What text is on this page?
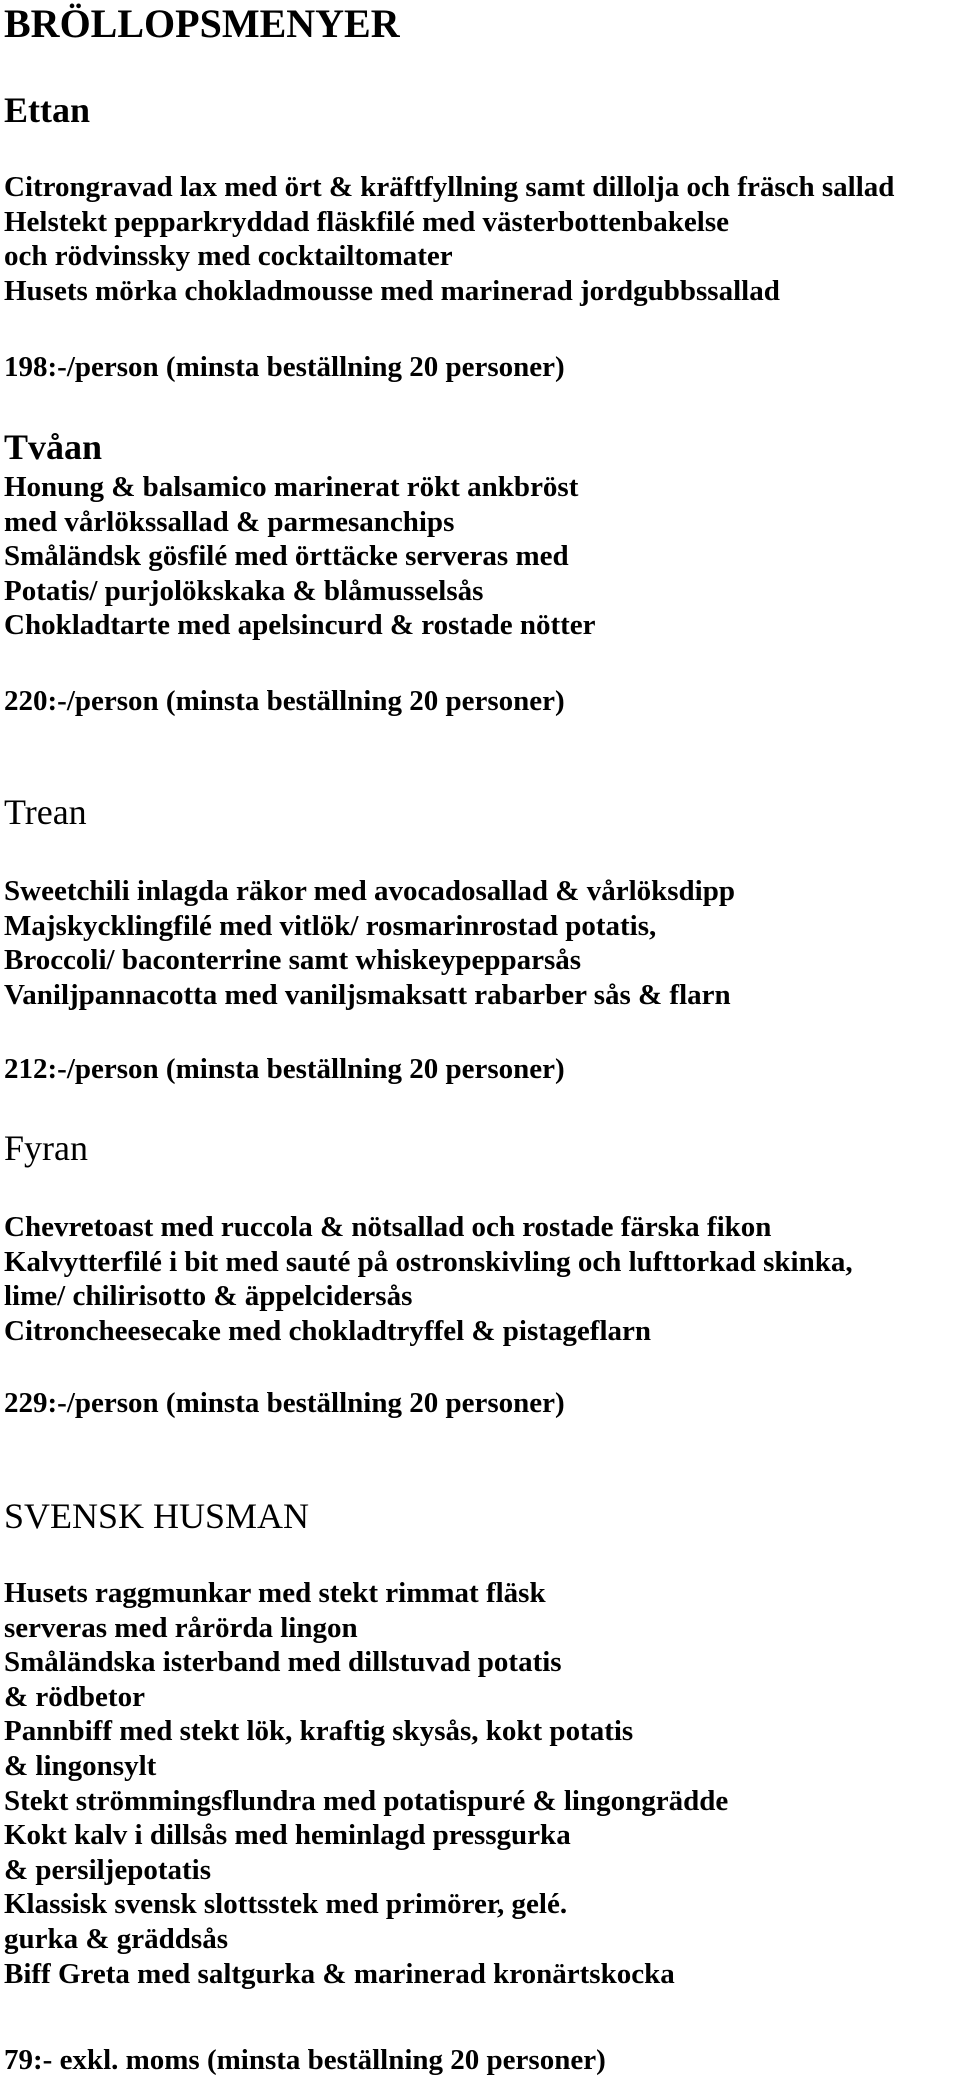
BRÖLLOPSMENYER
Ettan
Citrongravad lax med ört & kräftfyllning samt dillolja och fräsch sallad
Helstekt pepparkryddad fläskfilé med västerbottenbakelse
och rödvinssky med cocktailtomater
Husets mörka chokladmousse med marinerad jordgubbssallad
198:-/person (minsta beställning 20 personer)
Tvåan
Honung & balsamico marinerat rökt ankbröst
med vårlökssallad & parmesanchips
Småländsk gösfilé med örttäcke serveras med
Potatis/ purjolökskaka & blåmusselsås
Chokladtarte med apelsincurd & rostade nötter
220:-/person (minsta beställning 20 personer)
Trean
Sweetchili inlagda räkor med avocadosallad & vårlöksdipp
Majskycklingfilé med vitlök/ rosmarinrostad potatis,
Broccoli/ baconterrine samt whiskeypepparsås
Vaniljpannacotta med vaniljsmaksatt rabarber sås & flarn
212:-/person (minsta beställning 20 personer)
Fyran
Chevretoast med ruccola & nötsallad och rostade färska fikon
Kalvytterfilé i bit med sauté på ostronskivling och lufttorkad skinka,
lime/ chilirisotto & äppelcidersås
Citroncheesecake med chokladtryffel & pistageflarn
229:-/person (minsta beställning 20 personer)
SVENSK HUSMAN
Husets raggmunkar med stekt rimmat fläsk
serveras med rårörda lingon
Småländska isterband med dillstuvad potatis
& rödbetor
Pannbiff med stekt lök, kraftig skysås, kokt potatis
& lingonsylt
Stekt strömmingsflundra med potatispuré & lingongrädde
Kokt kalv i dillsås med heminlagd pressgurka
& persiljepotatis
Klassisk svensk slottsstek med primörer, gelé.
gurka & gräddsås
Biff Greta med saltgurka & marinerad kronärtskocka
79:- exkl. moms (minsta beställning 20 personer)
